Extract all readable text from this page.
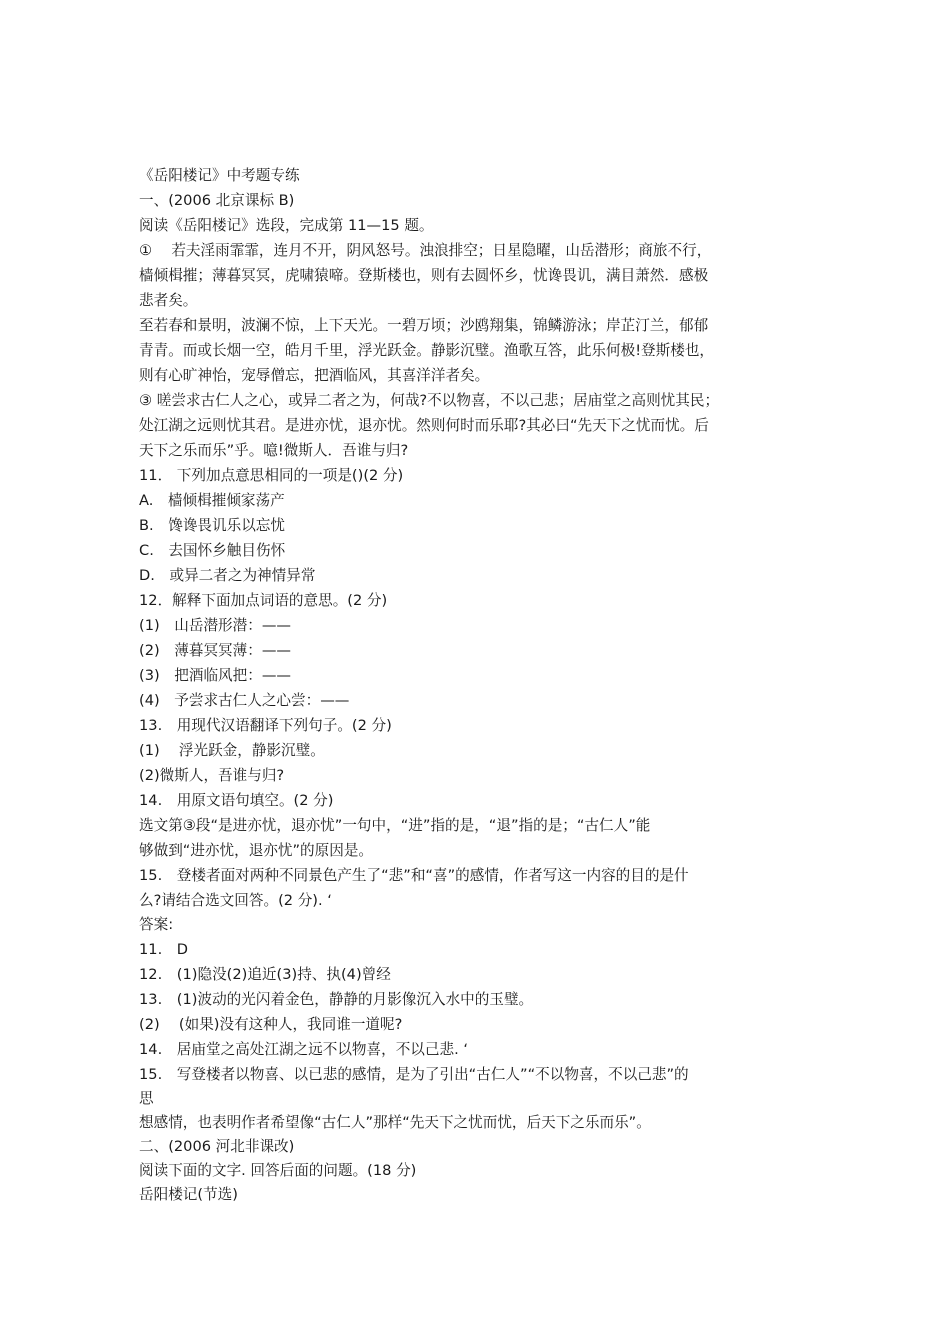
《岳阳楼记》中考题专练
一、(2006 北京课标 B)
阅读《岳阳楼记》选段，完成第 11—15 题。
①　 若夫淫雨霏霏，连月不开，阴风怒号。浊浪排空；日星隐曜，山岳潜形；商旅不行，
樯倾楫摧；薄暮冥冥，虎啸猿啼。登斯楼也，则有去圆怀乡，忧谗畏讥，满目萧然．感极
悲者矣。
至若春和景明，波澜不惊，上下天光。一碧万顷；沙鸥翔集，锦鳞游泳；岸芷汀兰，郁郁
青青。而或长烟一空，皓月千里，浮光跃金。静影沉璧。渔歌互答，此乐何极!登斯楼也，
则有心旷神怡，宠辱僧忘，把酒临风，其喜洋洋者矣。
③ 嗟尝求古仁人之心，或异二者之为，何哉?不以物喜，不以己悲；居庙堂之高则忧其民；
处江湖之远则忧其君。是进亦忧，退亦忧。然则何时而乐耶?其必曰“先天下之忧而忧。后
天下之乐而乐”乎。噫!微斯人．吾谁与归?
11． 下列加点意思相同的一项是()(2 分)
A.　樯倾楫摧倾家荡产
B.　馋谗畏讥乐以忘忧
C.　去国怀乡触目伤怀
D.　或异二者之为神情异常
12．解释下面加点词语的意思。(2 分)
(1)　山岳潜形潜：——
(2)　薄暮冥冥薄：——
(3)　把酒临风把：——
(4)　予尝求古仁人之心尝：——
13.　用现代汉语翻译下列句子。(2 分)
(1)　 浮光跃金，静影沉璧。
(2)微斯人，吾谁与归?
14.　用原文语句填空。(2 分)
选文第③段“是进亦忧，退亦忧”一句中，“进”指的是，“退”指的是；“古仁人”能
够做到“进亦忧，退亦忧”的原因是。
15.　登楼者面对两种不同景色产生了“悲”和“喜”的感情，作者写这一内容的目的是什
么?请结合选文回答。(2 分). ‘
答案:
11.　D
12.　(1)隐没(2)追近(3)持、执(4)曾经
13.　(1)波动的光闪着金色，静静的月影像沉入水中的玉璧。
(2)　 (如果)没有这种人，我同谁一道呢?
14.　居庙堂之高处江湖之远不以物喜，不以己悲. ‘
15.　写登楼者以物喜、以已悲的感情，是为了引出“古仁人”“不以物喜，不以己悲”的
思
想感情，也表明作者希望像“古仁人”那样“先天下之忧而忧，后天下之乐而乐”。
二、(2006 河北非课改)
阅读下面的文字. 回答后面的问题。(18 分)
岳阳楼记(节选)
